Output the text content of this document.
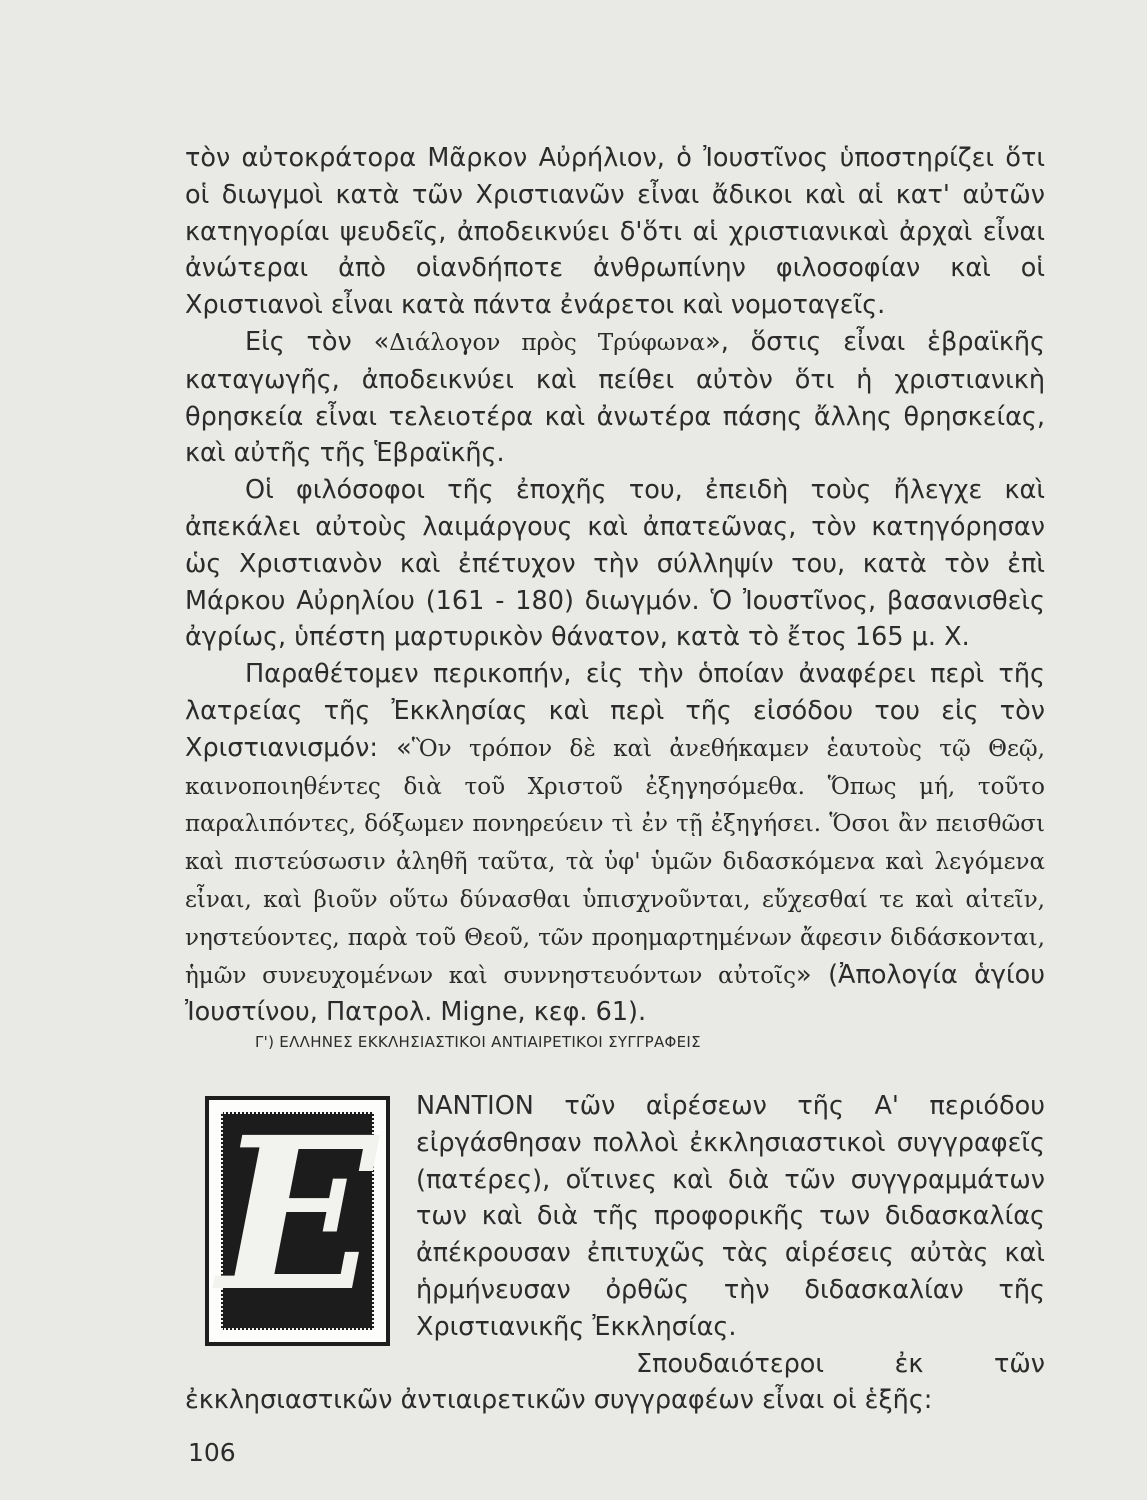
τὸν αὐτοκράτορα Μᾶρκον Αὐρήλιον, ὁ Ἰουστῖνος ὑποστηρίζει ὅτι οἱ διωγμοὶ κατὰ τῶν Χριστιανῶν εἶναι ἄδικοι καὶ αἱ κατ' αὐτῶν κατηγορίαι ψευδεῖς, ἀποδεικνύει δ'ὅτι αἱ χριστιανικαὶ ἀρχαὶ εἶναι ἀνώτεραι ἀπὸ οἱανδήποτε ἀνθρωπίνην φιλοσοφίαν καὶ οἱ Χριστιανοὶ εἶναι κατὰ πάντα ἐνάρετοι καὶ νομοταγεῖς.

Εἰς τὸν «Διάλογον πρὸς Τρύφωνα», ὅστις εἶναι ἑβραϊκῆς καταγωγῆς, ἀποδεικνύει καὶ πείθει αὐτὸν ὅτι ἡ χριστιανικὴ θρησκεία εἶναι τελειοτέρα καὶ ἀνωτέρα πάσης ἄλλης θρησκείας, καὶ αὐτῆς τῆς Ἑβραϊκῆς.

Οἱ φιλόσοφοι τῆς ἐποχῆς του, ἐπειδὴ τοὺς ἤλεγχε καὶ ἀπεκάλει αὐτοὺς λαιμάργους καὶ ἀπατεῶνας, τὸν κατηγόρησαν ὡς Χριστιανὸν καὶ ἐπέτυχον τὴν σύλληψίν του, κατὰ τὸν ἐπὶ Μάρκου Αὐρηλίου (161 - 180) διωγμόν. Ὁ Ἰουστῖνος, βασανισθεὶς ἀγρίως, ὑπέστη μαρτυρικὸν θάνατον, κατὰ τὸ ἔτος 165 μ. Χ.

Παραθέτομεν περικοπήν, εἰς τὴν ὁποίαν ἀναφέρει περὶ τῆς λατρείας τῆς Ἐκκλησίας καὶ περὶ τῆς εἰσόδου του εἰς τὸν Χριστιανισμόν: «Ὃν τρόπον δὲ καὶ ἀνεθήκαμεν ἑαυτοὺς τῷ Θεῷ, καινοποιηθέντες διὰ τοῦ Χριστοῦ ἐξηγησόμεθα. Ὅπως μή, τοῦτο παραλιπόντες, δόξωμεν πονηρεύειν τὶ ἐν τῇ ἐξηγήσει. Ὅσοι ἂν πεισθῶσι καὶ πιστεύσωσιν ἀληθῆ ταῦτα, τὰ ὑφ' ὑμῶν διδασκόμενα καὶ λεγόμενα εἶναι, καὶ βιοῦν οὕτω δύνασθαι ὑπισχνοῦνται, εὔχεσθαί τε καὶ αἰτεῖν, νηστεύοντες, παρὰ τοῦ Θεοῦ, τῶν προημαρτημένων ἄφεσιν διδάσκονται, ἡμῶν συνευχομένων καὶ συννηστευόντων αὐτοῖς» (Ἀπολογία ἁγίου Ἰουστίνου, Πατρολ. Migne, κεφ. 61).

Γ') ΕΛΛΗΝΕΣ ΕΚΚΛΗΣΙΑΣΤΙΚΟΙ ΑΝΤΙΑΙΡΕΤΙΚΟΙ ΣΥΓΓΡΑΦΕΙΣ
E	ΝΑΝΤΙΟΝ τῶν αἱρέσεων τῆς Α' περιόδου εἰργάσθησαν πολλοὶ ἐκκλησιαστικοὶ συγγραφεῖς (πατέρες), οἵτινες καὶ διὰ τῶν συγγραμμάτων των καὶ διὰ τῆς προφορικῆς των διδασκαλίας ἀπέκρουσαν ἐπιτυχῶς τὰς αἱρέσεις αὐτὰς καὶ ἡρμήνευσαν ὀρθῶς τὴν διδασκαλίαν τῆς Χριστιανικῆς Ἐκκλησίας.

Σπουδαιότεροι ἐκ τῶν ἐκκλησιαστικῶν ἀντιαιρετικῶν συγγραφέων εἶναι οἱ ἑξῆς:

106
